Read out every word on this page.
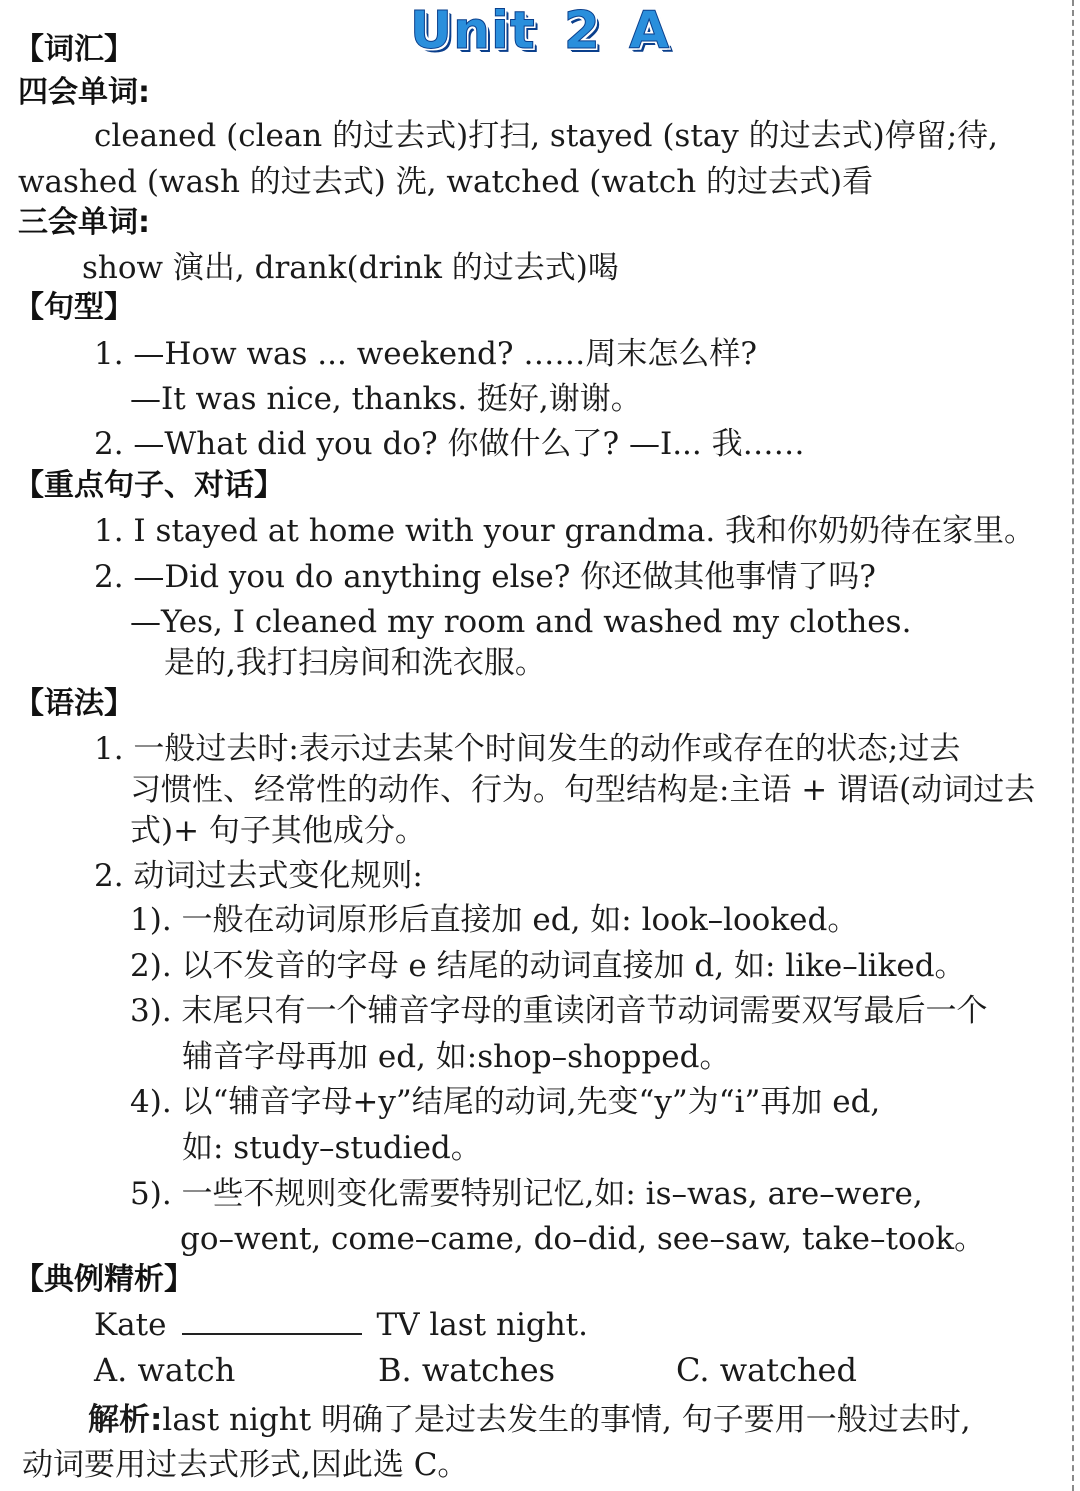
Unit 2 A
【词汇】
四会单词:
cleaned (clean 的过去式)打扫, stayed (stay 的过去式)停留;待,
washed (wash 的过去式) 洗, watched (watch 的过去式)看
三会单词:
show 演出, drank(drink 的过去式)喝
【句型】
1. —How was ... weekend? ……周末怎么样?
—It was nice, thanks. 挺好,谢谢。
2. —What did you do? 你做什么了? —I... 我……
【重点句子、对话】
1. I stayed at home with your grandma. 我和你奶奶待在家里。
2. —Did you do anything else? 你还做其他事情了吗?
—Yes, I cleaned my room and washed my clothes.
是的,我打扫房间和洗衣服。
【语法】
1. 一般过去时:表示过去某个时间发生的动作或存在的状态;过去
习惯性、经常性的动作、行为。句型结构是:主语 + 谓语(动词过去
式)+ 句子其他成分。
2. 动词过去式变化规则:
1). 一般在动词原形后直接加 ed, 如: look–looked。
2). 以不发音的字母 e 结尾的动词直接加 d, 如: like–liked。
3). 末尾只有一个辅音字母的重读闭音节动词需要双写最后一个
辅音字母再加 ed, 如:shop–shopped。
4). 以“辅音字母+y”结尾的动词,先变“y”为“i”再加 ed,
如: study–studied。
5). 一些不规则变化需要特别记忆,如: is–was, are–were,
go–went, come–came, do–did, see–saw, take–took。
【典例精析】
Kate	TV last night.
A. watch	B. watches	C. watched
解析:last night 明确了是过去发生的事情, 句子要用一般过去时,
动词要用过去式形式,因此选 C。
